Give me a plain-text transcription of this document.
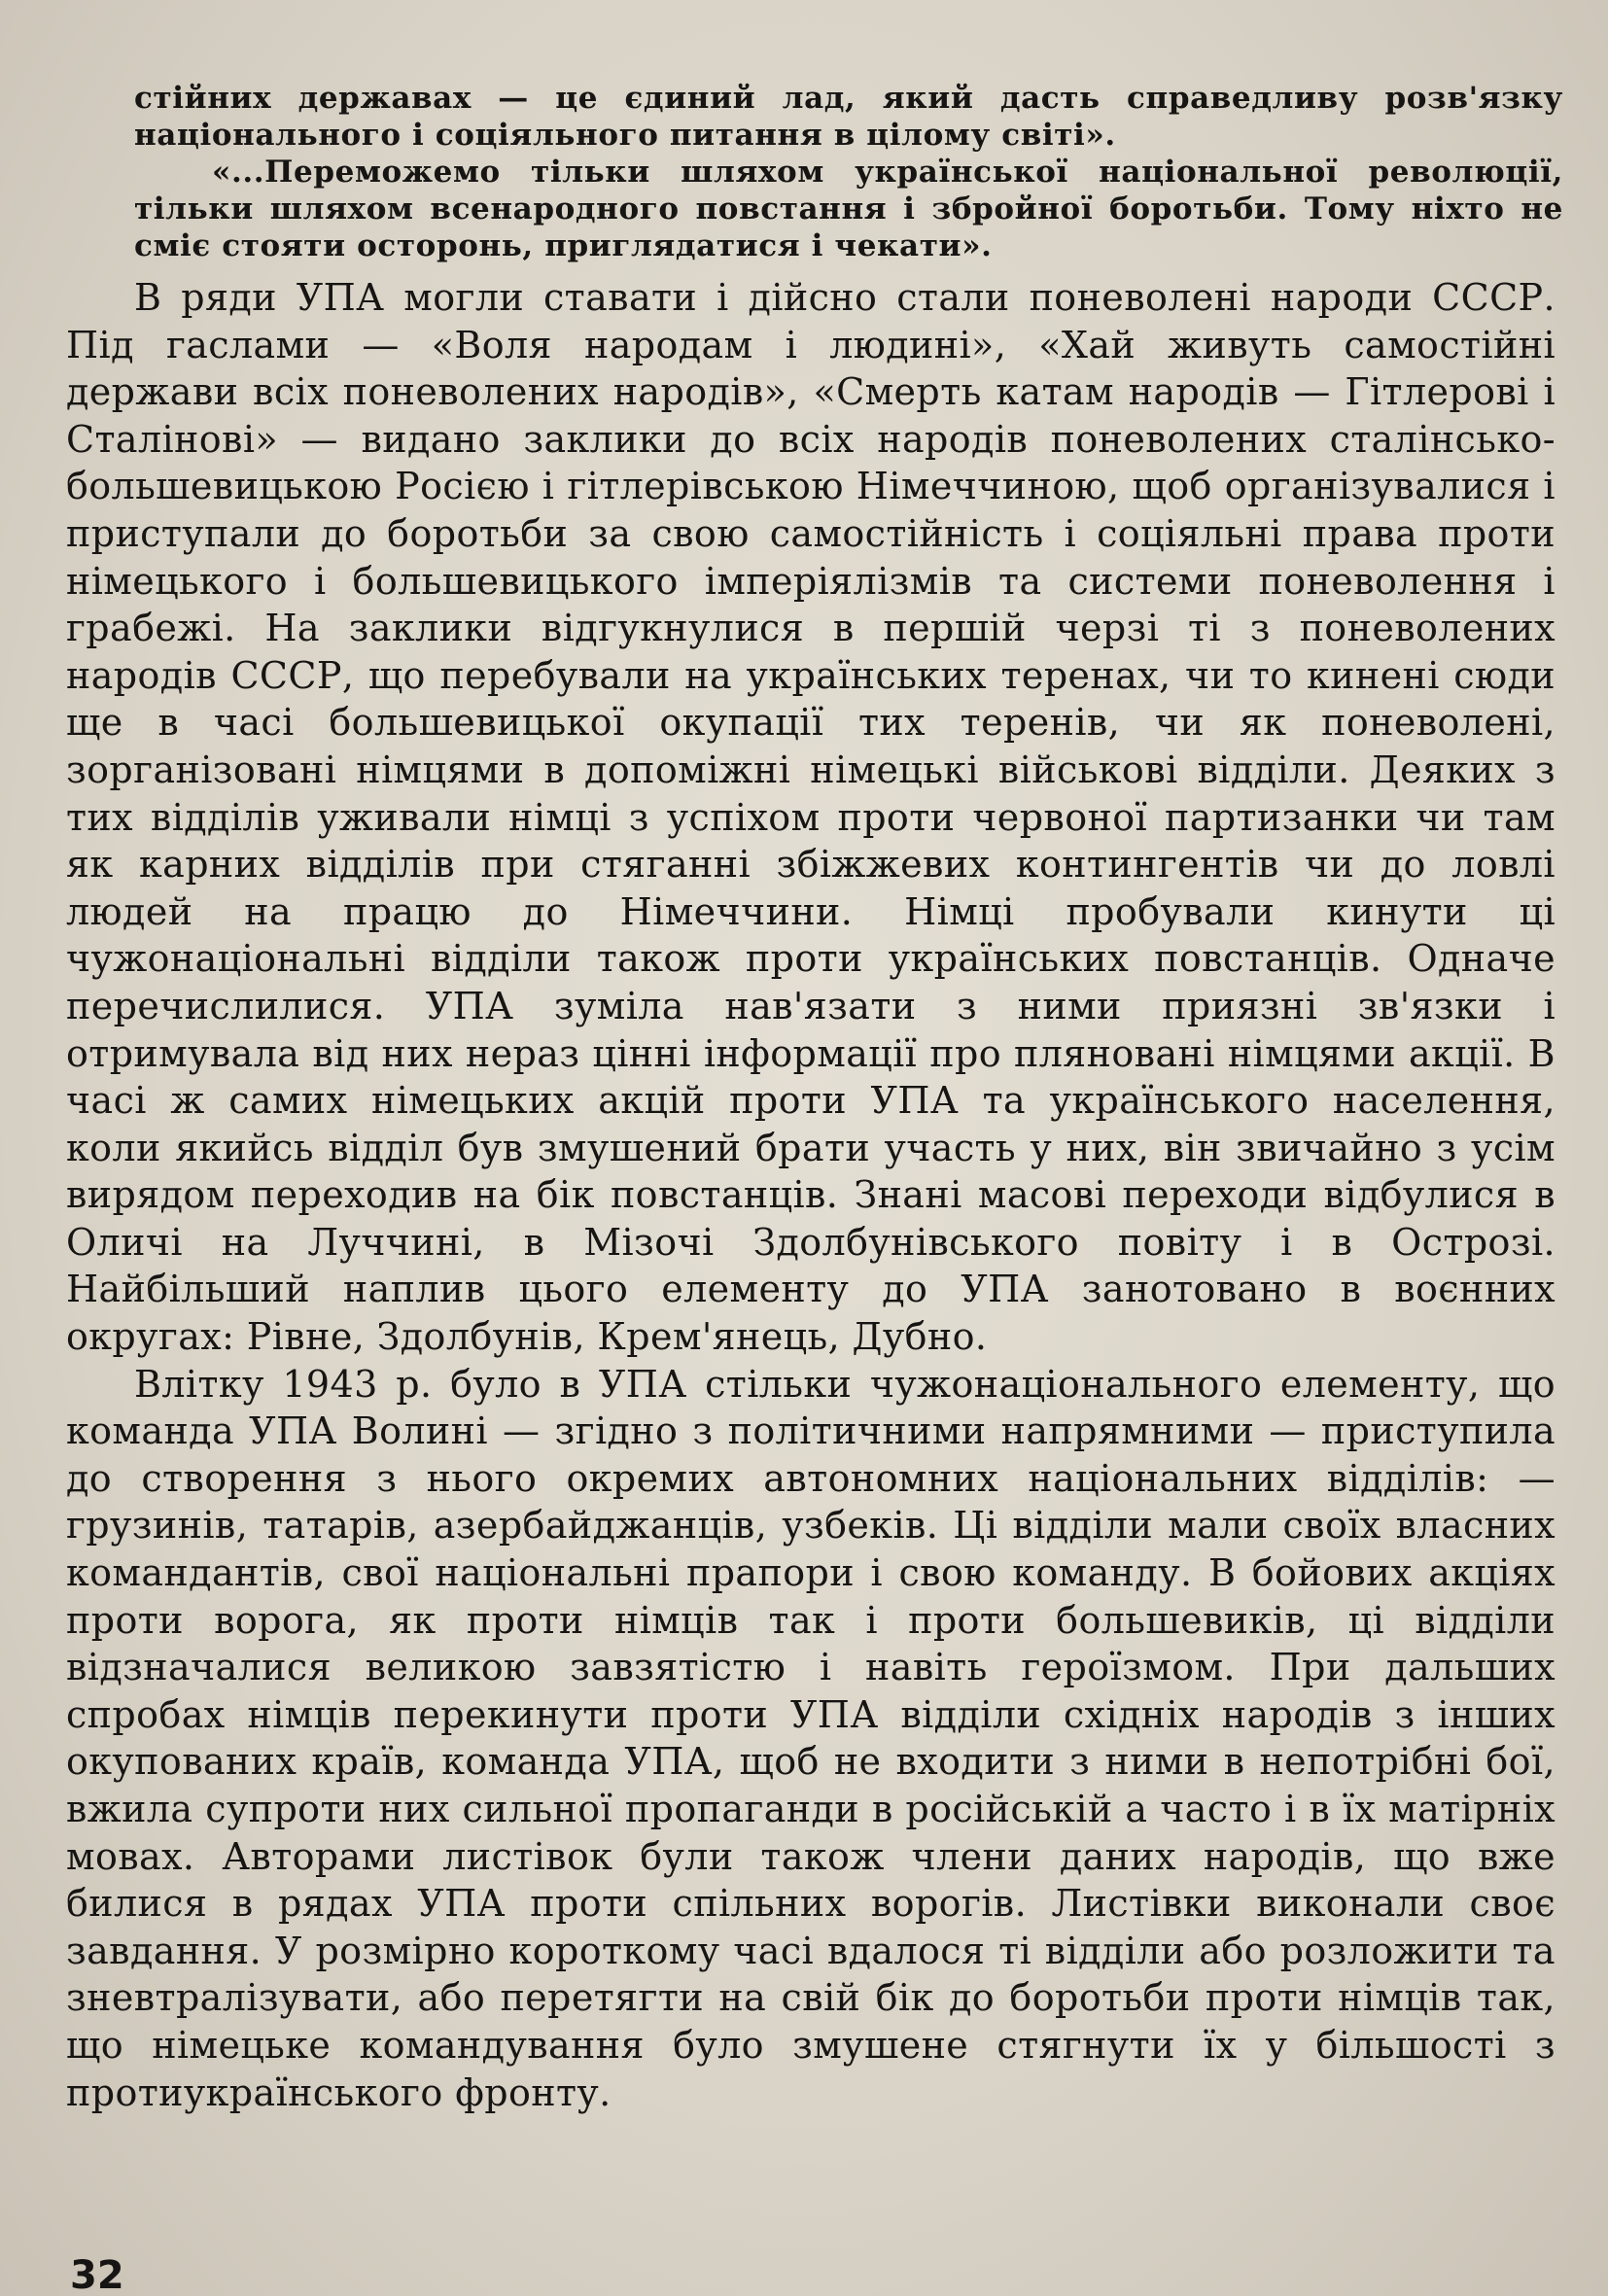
стійних державах — це єдиний лад, який дасть справедливу розв'язку національного і соціяльного питання в цілому світі».

«...Переможемо тільки шляхом української національної революції, тільки шляхом всенародного повстання і збройної боротьби. Тому ніхто не сміє стояти осторонь, приглядатися і чекати».

В ряди УПА могли ставати і дійсно стали поневолені народи СССР. Під гаслами — «Воля народам і людині», «Хай живуть самостійні держави всіх поневолених народів», «Смерть катам народів — Гітлерові і Сталінові» — видано заклики до всіх народів поневолених сталінсько-большевицькою Росією і гітлерівською Німеччиною, щоб організувалися і приступали до боротьби за свою самостійність і соціяльні права проти німецького і большевицького імперіялізмів та системи поневолення і грабежі. На заклики відгукнулися в першій черзі ті з поневолених народів СССР, що перебували на українських теренах, чи то кинені сюди ще в часі большевицької окупації тих теренів, чи як поневолені, зорганізовані німцями в допоміжні німецькі військові відділи. Деяких з тих відділів уживали німці з успіхом проти червоної партизанки чи там як карних відділів при стяганні збіжжевих контингентів чи до ловлі людей на працю до Німеччини. Німці пробували кинути ці чужонаціональні відділи також проти українських повстанців. Одначе перечислилися. УПА зуміла нав'язати з ними приязні зв'язки і отримувала від них нераз цінні інформації про пляновані німцями акції. В часі ж самих німецьких акцій проти УПА та українського населення, коли якийсь відділ був змушений брати участь у них, він звичайно з усім вирядом переходив на бік повстанців. Знані масові переходи відбулися в Оличі на Луччині, в Мізочі Здолбунівського повіту і в Острозі. Найбільший наплив цього елементу до УПА занотовано в воєнних округах: Рівне, Здолбунів, Крем'янець, Дубно.

Влітку 1943 р. було в УПА стільки чужонаціонального елементу, що команда УПА Волині — згідно з політичними напрямними — приступила до створення з нього окремих автономних національних відділів: — грузинів, татарів, азербайджанців, узбеків. Ці відділи мали своїх власних командантів, свої національні прапори і свою команду. В бойових акціях проти ворога, як проти німців так і проти большевиків, ці відділи відзначалися великою завзятістю і навіть героїзмом. При дальших спробах німців перекинути проти УПА відділи східніх народів з інших окупованих країв, команда УПА, щоб не входити з ними в непотрібні бої, вжила супроти них сильної пропаганди в російській а часто і в їх матірніх мовах. Авторами листівок були також члени даних народів, що вже билися в рядах УПА проти спільних ворогів. Листівки виконали своє завдання. У розмірно короткому часі вдалося ті відділи або розложити та зневтралізувати, або перетягти на свій бік до боротьби проти німців так, що німецьке командування було змушене стягнути їх у більшості з протиукраїнського фронту.

32
